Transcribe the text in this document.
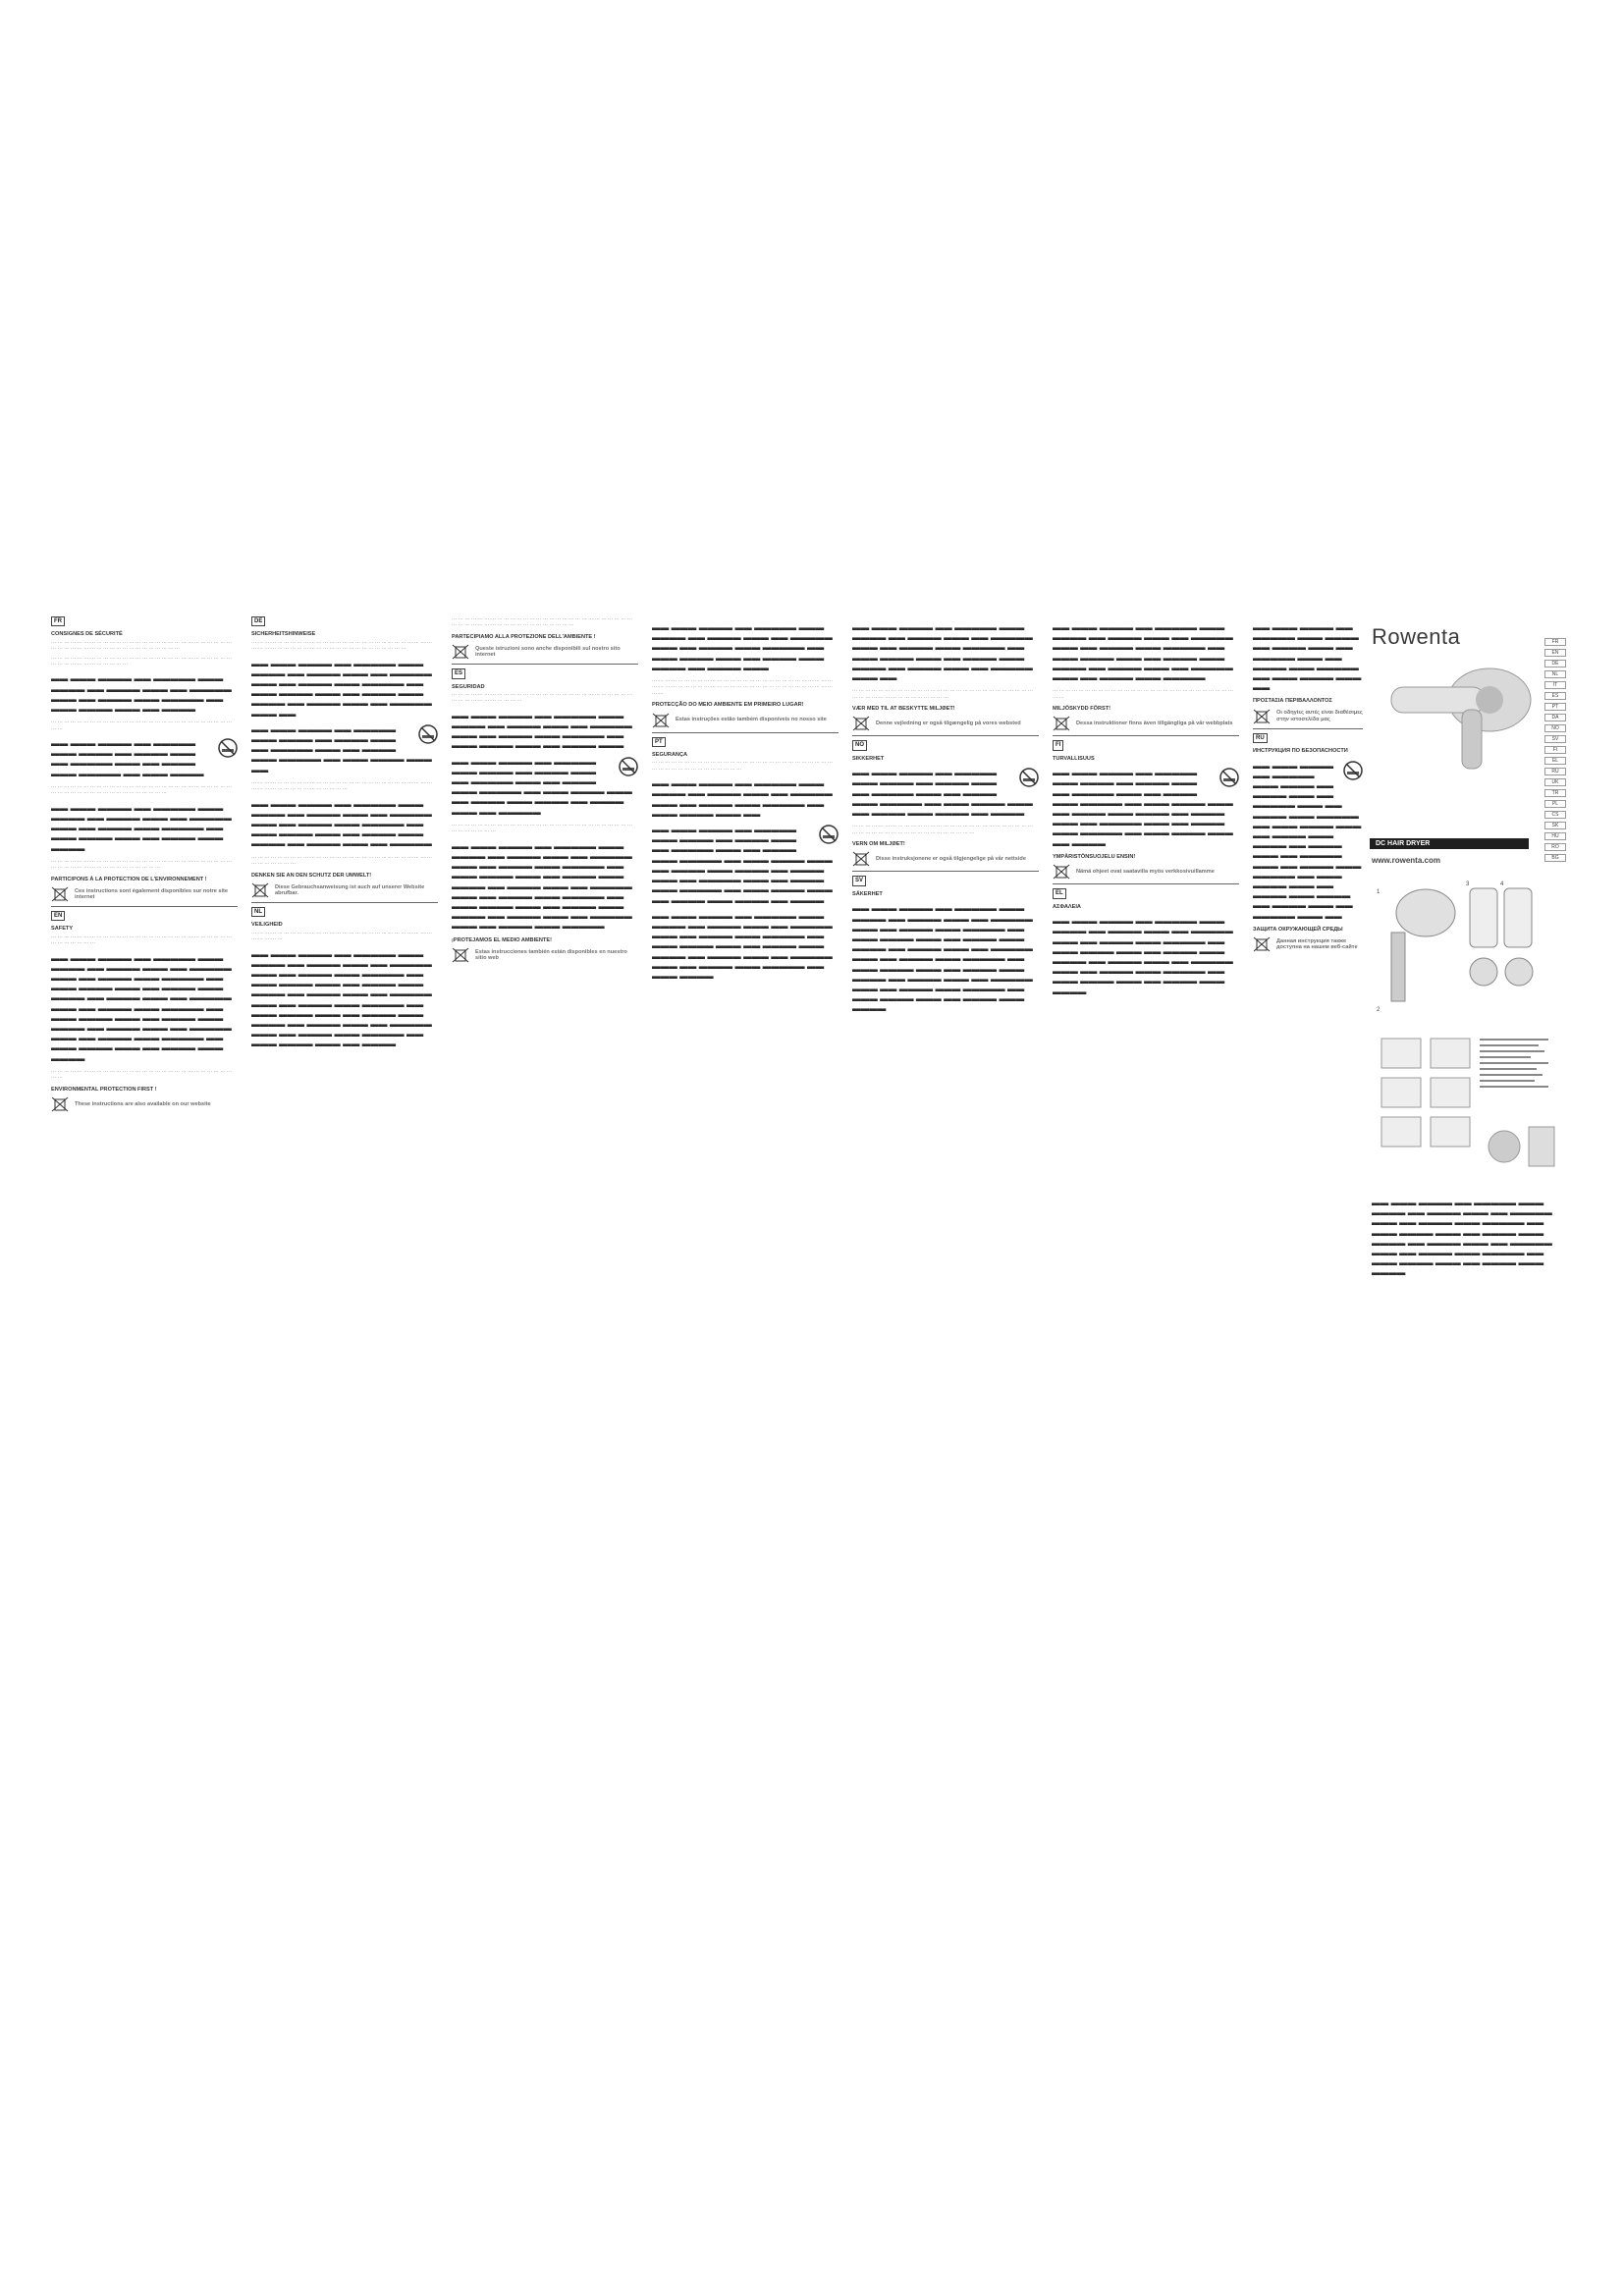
FR
CONSIGNES DE SÉCURITÉ

··· ··· ··· ··· ··· ··· ··· ··· ··· ··· ··· ··· ··· ··· ··· ··· ··· ··· ··· ··· ··· ··· ··· ··· ··· ··· ··· ··· ··· ··· ··· ··· ··· ··· ··· ··· ··· ··· ··· ··· ··· ··· ··· ··· ··· ··· ··· ···

··· ··· ··· ··· ··· ··· ··· ··· ··· ··· ··· ··· ··· ··· ··· ··· ··· ··· ··· ··· ··· ··· ··· ··· ··· ··· ··· ··· ··· ··· ··· ··· ··· ··· ··· ··· ··· ··· ··· ···

▬▬ ▬▬▬ ▬▬▬▬ ▬▬ ▬▬▬▬▬ ▬▬▬ ▬▬▬▬ ▬▬ ▬▬▬▬ ▬▬▬ ▬▬ ▬▬▬▬▬ ▬▬▬ ▬▬ ▬▬▬▬ ▬▬▬ ▬▬▬▬▬ ▬▬ ▬▬▬ ▬▬▬▬ ▬▬▬ ▬▬ ▬▬▬▬

··· ··· ··· ··· ··· ··· ··· ··· ··· ··· ··· ··· ··· ··· ··· ··· ··· ··· ··· ··· ··· ··· ··· ··· ··· ··· ··· ··· ··· ···

▬▬ ▬▬▬ ▬▬▬▬ ▬▬ ▬▬▬▬▬ ▬▬▬ ▬▬▬▬ ▬▬ ▬▬▬▬ ▬▬▬ ▬▬ ▬▬▬▬▬ ▬▬▬ ▬▬ ▬▬▬▬ ▬▬▬ ▬▬▬▬▬ ▬▬ ▬▬▬ ▬▬▬▬

··· ··· ··· ··· ··· ··· ··· ··· ··· ··· ··· ··· ··· ··· ··· ··· ··· ··· ··· ··· ··· ··· ··· ··· ··· ··· ··· ··· ··· ··· ··· ··· ··· ··· ··· ··· ··· ··· ··· ··· ··· ··· ··· ··· ··· ···

▬▬ ▬▬▬ ▬▬▬▬ ▬▬ ▬▬▬▬▬ ▬▬▬ ▬▬▬▬ ▬▬ ▬▬▬▬ ▬▬▬ ▬▬ ▬▬▬▬▬ ▬▬▬ ▬▬ ▬▬▬▬ ▬▬▬ ▬▬▬▬▬ ▬▬ ▬▬▬ ▬▬▬▬ ▬▬▬ ▬▬ ▬▬▬▬ ▬▬▬ ▬▬▬▬

··· ··· ··· ··· ··· ··· ··· ··· ··· ··· ··· ··· ··· ··· ··· ··· ··· ··· ··· ··· ··· ··· ··· ··· ··· ··· ··· ··· ··· ··· ··· ··· ··· ··· ··· ··· ··· ··· ··· ··· ··· ··· ··· ··· ···

PARTICIPONS À LA PROTECTION DE L'ENVIRONNEMENT !
Ces instructions sont également disponibles sur notre site internet
EN
SAFETY

··· ··· ··· ··· ··· ··· ··· ··· ··· ··· ··· ··· ··· ··· ··· ··· ··· ··· ··· ··· ··· ··· ··· ··· ··· ··· ··· ··· ··· ··· ··· ··· ··· ··· ···

▬▬ ▬▬▬ ▬▬▬▬ ▬▬ ▬▬▬▬▬ ▬▬▬ ▬▬▬▬ ▬▬ ▬▬▬▬ ▬▬▬ ▬▬ ▬▬▬▬▬ ▬▬▬ ▬▬ ▬▬▬▬ ▬▬▬ ▬▬▬▬▬ ▬▬ ▬▬▬ ▬▬▬▬ ▬▬▬ ▬▬ ▬▬▬▬ ▬▬▬ ▬▬▬▬ ▬▬ ▬▬▬▬ ▬▬▬ ▬▬ ▬▬▬▬▬ ▬▬▬ ▬▬ ▬▬▬▬ ▬▬▬ ▬▬▬▬▬ ▬▬ ▬▬▬ ▬▬▬▬ ▬▬▬ ▬▬ ▬▬▬▬ ▬▬▬ ▬▬▬▬ ▬▬ ▬▬▬▬ ▬▬▬ ▬▬ ▬▬▬▬▬ ▬▬▬ ▬▬ ▬▬▬▬ ▬▬▬ ▬▬▬▬▬ ▬▬ ▬▬▬ ▬▬▬▬ ▬▬▬ ▬▬ ▬▬▬▬ ▬▬▬ ▬▬▬▬

··· ··· ··· ··· ··· ··· ··· ··· ··· ··· ··· ··· ··· ··· ··· ··· ··· ··· ··· ··· ··· ··· ··· ··· ··· ··· ··· ··· ··· ···

ENVIRONMENTAL PROTECTION FIRST !
These instructions are also available on our website
DE
SICHERHEITSHINWEISE

··· ··· ··· ··· ··· ··· ··· ··· ··· ··· ··· ··· ··· ··· ··· ··· ··· ··· ··· ··· ··· ··· ··· ··· ··· ··· ··· ··· ··· ··· ··· ··· ··· ··· ··· ··· ··· ··· ··· ··· ··· ··· ··· ··· ··· ··· ··· ··· ··· ··· ··· ···

▬▬ ▬▬▬ ▬▬▬▬ ▬▬ ▬▬▬▬▬ ▬▬▬ ▬▬▬▬ ▬▬ ▬▬▬▬ ▬▬▬ ▬▬ ▬▬▬▬▬ ▬▬▬ ▬▬ ▬▬▬▬ ▬▬▬ ▬▬▬▬▬ ▬▬ ▬▬▬ ▬▬▬▬ ▬▬▬ ▬▬ ▬▬▬▬ ▬▬▬ ▬▬▬▬ ▬▬ ▬▬▬▬ ▬▬▬ ▬▬ ▬▬▬▬▬ ▬▬▬ ▬▬
▬▬ ▬▬▬ ▬▬▬▬ ▬▬ ▬▬▬▬▬ ▬▬▬ ▬▬▬▬ ▬▬ ▬▬▬▬ ▬▬▬ ▬▬ ▬▬▬▬▬ ▬▬▬ ▬▬ ▬▬▬▬ ▬▬▬ ▬▬▬▬▬ ▬▬ ▬▬▬ ▬▬▬▬ ▬▬▬ ▬▬

··· ··· ··· ··· ··· ··· ··· ··· ··· ··· ··· ··· ··· ··· ··· ··· ··· ··· ··· ··· ··· ··· ··· ··· ··· ··· ··· ··· ··· ··· ··· ··· ··· ··· ··· ··· ··· ··· ··· ··· ··· ··· ···

▬▬ ▬▬▬ ▬▬▬▬ ▬▬ ▬▬▬▬▬ ▬▬▬ ▬▬▬▬ ▬▬ ▬▬▬▬ ▬▬▬ ▬▬ ▬▬▬▬▬ ▬▬▬ ▬▬ ▬▬▬▬ ▬▬▬ ▬▬▬▬▬ ▬▬ ▬▬▬ ▬▬▬▬ ▬▬▬ ▬▬ ▬▬▬▬ ▬▬▬ ▬▬▬▬ ▬▬ ▬▬▬▬ ▬▬▬ ▬▬ ▬▬▬▬▬

··· ··· ··· ··· ··· ··· ··· ··· ··· ··· ··· ··· ··· ··· ··· ··· ··· ··· ··· ··· ··· ··· ··· ··· ··· ··· ··· ··· ··· ··· ··· ··· ··· ··· ···

DENKEN SIE AN DEN SCHUTZ DER UMWELT!
Diese Gebrauchsanweisung ist auch auf unserer Website abrufbar.
NL
VEILIGHEID

··· ··· ··· ··· ··· ··· ··· ··· ··· ··· ··· ··· ··· ··· ··· ··· ··· ··· ··· ··· ··· ··· ··· ··· ··· ··· ··· ··· ··· ··· ··· ··· ···

▬▬ ▬▬▬ ▬▬▬▬ ▬▬ ▬▬▬▬▬ ▬▬▬ ▬▬▬▬ ▬▬ ▬▬▬▬ ▬▬▬ ▬▬ ▬▬▬▬▬ ▬▬▬ ▬▬ ▬▬▬▬ ▬▬▬ ▬▬▬▬▬ ▬▬ ▬▬▬ ▬▬▬▬ ▬▬▬ ▬▬ ▬▬▬▬ ▬▬▬ ▬▬▬▬ ▬▬ ▬▬▬▬ ▬▬▬ ▬▬ ▬▬▬▬▬ ▬▬▬ ▬▬ ▬▬▬▬ ▬▬▬ ▬▬▬▬▬ ▬▬ ▬▬▬ ▬▬▬▬ ▬▬▬ ▬▬ ▬▬▬▬ ▬▬▬ ▬▬▬▬ ▬▬ ▬▬▬▬ ▬▬▬ ▬▬ ▬▬▬▬▬ ▬▬▬ ▬▬ ▬▬▬▬ ▬▬▬ ▬▬▬▬▬ ▬▬ ▬▬▬ ▬▬▬▬ ▬▬▬ ▬▬ ▬▬▬▬

··· ··· ··· ··· ··· ··· ··· ··· ··· ··· ··· ··· ··· ··· ··· ··· ··· ··· ··· ··· ··· ··· ··· ··· ··· ··· ··· ··· ··· ··· ··· ··· ··· ··· ··· ··· ··· ··· ··· ··· ··· ··· ··· ··· ··· ··· ···

PARTECIPIAMO ALLA PROTEZIONE DELL'AMBIENTE !
Queste istruzioni sono anche disponibili sul nostro sito internet
ES
SEGURIDAD

··· ··· ··· ··· ··· ··· ··· ··· ··· ··· ··· ··· ··· ··· ··· ··· ··· ··· ··· ··· ··· ··· ··· ··· ··· ··· ··· ··· ··· ··· ··· ··· ··· ··· ··· ··· ··· ··· ···

▬▬ ▬▬▬ ▬▬▬▬ ▬▬ ▬▬▬▬▬ ▬▬▬ ▬▬▬▬ ▬▬ ▬▬▬▬ ▬▬▬ ▬▬ ▬▬▬▬▬ ▬▬▬ ▬▬ ▬▬▬▬ ▬▬▬ ▬▬▬▬▬ ▬▬ ▬▬▬ ▬▬▬▬ ▬▬▬ ▬▬ ▬▬▬▬ ▬▬▬
▬▬ ▬▬▬ ▬▬▬▬ ▬▬ ▬▬▬▬▬ ▬▬▬ ▬▬▬▬ ▬▬ ▬▬▬▬ ▬▬▬ ▬▬ ▬▬▬▬▬ ▬▬▬ ▬▬ ▬▬▬▬ ▬▬▬ ▬▬▬▬▬ ▬▬ ▬▬▬ ▬▬▬▬ ▬▬▬ ▬▬ ▬▬▬▬ ▬▬▬ ▬▬▬▬ ▬▬ ▬▬▬▬ ▬▬▬ ▬▬ ▬▬▬▬▬

··· ··· ··· ··· ··· ··· ··· ··· ··· ··· ··· ··· ··· ··· ··· ··· ··· ··· ··· ··· ··· ··· ··· ··· ··· ··· ··· ··· ··· ··· ··· ··· ··· ··· ···

▬▬ ▬▬▬ ▬▬▬▬ ▬▬ ▬▬▬▬▬ ▬▬▬ ▬▬▬▬ ▬▬ ▬▬▬▬ ▬▬▬ ▬▬ ▬▬▬▬▬ ▬▬▬ ▬▬ ▬▬▬▬ ▬▬▬ ▬▬▬▬▬ ▬▬ ▬▬▬ ▬▬▬▬ ▬▬▬ ▬▬ ▬▬▬▬ ▬▬▬ ▬▬▬▬ ▬▬ ▬▬▬▬ ▬▬▬ ▬▬ ▬▬▬▬▬ ▬▬▬ ▬▬ ▬▬▬▬ ▬▬▬ ▬▬▬▬▬ ▬▬ ▬▬▬ ▬▬▬▬ ▬▬▬ ▬▬ ▬▬▬▬ ▬▬▬ ▬▬▬▬ ▬▬ ▬▬▬▬ ▬▬▬ ▬▬ ▬▬▬▬▬ ▬▬▬ ▬▬ ▬▬▬▬ ▬▬▬ ▬▬▬▬▬
¡PROTEJAMOS EL MEDIO AMBIENTE!
Estas instrucciones también están disponibles en nuestro sitio web
▬▬ ▬▬▬ ▬▬▬▬ ▬▬ ▬▬▬▬▬ ▬▬▬ ▬▬▬▬ ▬▬ ▬▬▬▬ ▬▬▬ ▬▬ ▬▬▬▬▬ ▬▬▬ ▬▬ ▬▬▬▬ ▬▬▬ ▬▬▬▬▬ ▬▬ ▬▬▬ ▬▬▬▬ ▬▬▬ ▬▬ ▬▬▬▬ ▬▬▬ ▬▬▬▬ ▬▬ ▬▬▬▬ ▬▬▬

··· ··· ··· ··· ··· ··· ··· ··· ··· ··· ··· ··· ··· ··· ··· ··· ··· ··· ··· ··· ··· ··· ··· ··· ··· ··· ··· ··· ··· ··· ··· ··· ··· ··· ··· ··· ··· ··· ··· ··· ··· ··· ··· ··· ··· ··· ··· ··· ··· ··· ··· ··· ··· ··· ··· ··· ··· ···

PROTECÇÃO DO MEIO AMBIENTE EM PRIMEIRO LUGAR!
Estas instruções estão também disponíveis no nosso site
PT
SEGURANÇA

··· ··· ··· ··· ··· ··· ··· ··· ··· ··· ··· ··· ··· ··· ··· ··· ··· ··· ··· ··· ··· ··· ··· ··· ··· ··· ··· ··· ··· ··· ··· ··· ··· ··· ··· ··· ··· ··· ··· ··· ··· ···

▬▬ ▬▬▬ ▬▬▬▬ ▬▬ ▬▬▬▬▬ ▬▬▬ ▬▬▬▬ ▬▬ ▬▬▬▬ ▬▬▬ ▬▬ ▬▬▬▬▬ ▬▬▬ ▬▬ ▬▬▬▬ ▬▬▬ ▬▬▬▬▬ ▬▬ ▬▬▬ ▬▬▬▬ ▬▬▬ ▬▬
▬▬ ▬▬▬ ▬▬▬▬ ▬▬ ▬▬▬▬▬ ▬▬▬ ▬▬▬▬ ▬▬ ▬▬▬▬ ▬▬▬ ▬▬ ▬▬▬▬▬ ▬▬▬ ▬▬ ▬▬▬▬ ▬▬▬ ▬▬▬▬▬ ▬▬ ▬▬▬ ▬▬▬▬ ▬▬▬ ▬▬ ▬▬▬▬ ▬▬▬ ▬▬▬▬ ▬▬ ▬▬▬▬ ▬▬▬ ▬▬ ▬▬▬▬▬ ▬▬▬ ▬▬ ▬▬▬▬ ▬▬▬ ▬▬▬▬▬ ▬▬ ▬▬▬ ▬▬▬▬ ▬▬▬ ▬▬ ▬▬▬▬ ▬▬▬ ▬▬▬▬ ▬▬ ▬▬▬▬
▬▬ ▬▬▬ ▬▬▬▬ ▬▬ ▬▬▬▬▬ ▬▬▬ ▬▬▬▬ ▬▬ ▬▬▬▬ ▬▬▬ ▬▬ ▬▬▬▬▬ ▬▬▬ ▬▬ ▬▬▬▬ ▬▬▬ ▬▬▬▬▬ ▬▬ ▬▬▬ ▬▬▬▬ ▬▬▬ ▬▬ ▬▬▬▬ ▬▬▬ ▬▬▬▬ ▬▬ ▬▬▬▬ ▬▬▬ ▬▬ ▬▬▬▬▬ ▬▬▬ ▬▬ ▬▬▬▬ ▬▬▬ ▬▬▬▬▬ ▬▬ ▬▬▬ ▬▬▬▬
▬▬ ▬▬▬ ▬▬▬▬ ▬▬ ▬▬▬▬▬ ▬▬▬ ▬▬▬▬ ▬▬ ▬▬▬▬ ▬▬▬ ▬▬ ▬▬▬▬▬ ▬▬▬ ▬▬ ▬▬▬▬ ▬▬▬ ▬▬▬▬▬ ▬▬ ▬▬▬ ▬▬▬▬ ▬▬▬ ▬▬ ▬▬▬▬ ▬▬▬ ▬▬▬▬ ▬▬ ▬▬▬▬ ▬▬▬ ▬▬ ▬▬▬▬▬ ▬▬▬ ▬▬

··· ··· ··· ··· ··· ··· ··· ··· ··· ··· ··· ··· ··· ··· ··· ··· ··· ··· ··· ··· ··· ··· ··· ··· ··· ··· ··· ··· ··· ··· ··· ··· ··· ··· ··· ··· ··· ··· ··· ··· ··· ··· ···

VÆR MED TIL AT BESKYTTE MILJØET!
Denne vejledning er også tilgængelig på vores websted
NO
SIKKERHET
▬▬ ▬▬▬ ▬▬▬▬ ▬▬ ▬▬▬▬▬ ▬▬▬ ▬▬▬▬ ▬▬ ▬▬▬▬ ▬▬▬ ▬▬ ▬▬▬▬▬ ▬▬▬ ▬▬ ▬▬▬▬ ▬▬▬ ▬▬▬▬▬ ▬▬ ▬▬▬ ▬▬▬▬ ▬▬▬ ▬▬ ▬▬▬▬ ▬▬▬ ▬▬▬▬ ▬▬ ▬▬▬▬

··· ··· ··· ··· ··· ··· ··· ··· ··· ··· ··· ··· ··· ··· ··· ··· ··· ··· ··· ··· ··· ··· ··· ··· ··· ··· ··· ··· ··· ··· ··· ··· ··· ··· ··· ··· ··· ··· ··· ··· ··· ··· ··· ··· ··· ··· ···

VERN OM MILJØET!
Disse instruksjonene er også tilgjengelige på vår nettside
SV
SÄKERHET
▬▬ ▬▬▬ ▬▬▬▬ ▬▬ ▬▬▬▬▬ ▬▬▬ ▬▬▬▬ ▬▬ ▬▬▬▬ ▬▬▬ ▬▬ ▬▬▬▬▬ ▬▬▬ ▬▬ ▬▬▬▬ ▬▬▬ ▬▬▬▬▬ ▬▬ ▬▬▬ ▬▬▬▬ ▬▬▬ ▬▬ ▬▬▬▬ ▬▬▬ ▬▬▬▬ ▬▬ ▬▬▬▬ ▬▬▬ ▬▬ ▬▬▬▬▬ ▬▬▬ ▬▬ ▬▬▬▬ ▬▬▬ ▬▬▬▬▬ ▬▬ ▬▬▬ ▬▬▬▬ ▬▬▬ ▬▬ ▬▬▬▬ ▬▬▬ ▬▬▬▬ ▬▬ ▬▬▬▬ ▬▬▬ ▬▬ ▬▬▬▬▬ ▬▬▬ ▬▬ ▬▬▬▬ ▬▬▬ ▬▬▬▬▬ ▬▬ ▬▬▬ ▬▬▬▬ ▬▬▬ ▬▬ ▬▬▬▬ ▬▬▬ ▬▬▬▬
▬▬ ▬▬▬ ▬▬▬▬ ▬▬ ▬▬▬▬▬ ▬▬▬ ▬▬▬▬ ▬▬ ▬▬▬▬ ▬▬▬ ▬▬ ▬▬▬▬▬ ▬▬▬ ▬▬ ▬▬▬▬ ▬▬▬ ▬▬▬▬▬ ▬▬ ▬▬▬ ▬▬▬▬ ▬▬▬ ▬▬ ▬▬▬▬ ▬▬▬ ▬▬▬▬ ▬▬ ▬▬▬▬ ▬▬▬ ▬▬ ▬▬▬▬▬ ▬▬▬ ▬▬ ▬▬▬▬ ▬▬▬ ▬▬▬▬▬

··· ··· ··· ··· ··· ··· ··· ··· ··· ··· ··· ··· ··· ··· ··· ··· ··· ··· ··· ··· ··· ··· ··· ··· ··· ··· ··· ··· ··· ···

MILJÖSKYDD FÖRST!
Dessa instruktioner finns även tillgängliga på vår webbplats
FI
TURVALLISUUS
▬▬ ▬▬▬ ▬▬▬▬ ▬▬ ▬▬▬▬▬ ▬▬▬ ▬▬▬▬ ▬▬ ▬▬▬▬ ▬▬▬ ▬▬ ▬▬▬▬▬ ▬▬▬ ▬▬ ▬▬▬▬ ▬▬▬ ▬▬▬▬▬ ▬▬ ▬▬▬ ▬▬▬▬ ▬▬▬ ▬▬ ▬▬▬▬ ▬▬▬ ▬▬▬▬ ▬▬ ▬▬▬▬ ▬▬▬ ▬▬ ▬▬▬▬▬ ▬▬▬ ▬▬ ▬▬▬▬ ▬▬▬ ▬▬▬▬▬ ▬▬ ▬▬▬ ▬▬▬▬ ▬▬▬ ▬▬ ▬▬▬▬
YMPÄRISTÖNSUOJELU ENSIN!
Nämä ohjeet ovat saatavilla myös verkkosivuillamme
EL
ΑΣΦΑΛΕΙΑ
▬▬ ▬▬▬ ▬▬▬▬ ▬▬ ▬▬▬▬▬ ▬▬▬ ▬▬▬▬ ▬▬ ▬▬▬▬ ▬▬▬ ▬▬ ▬▬▬▬▬ ▬▬▬ ▬▬ ▬▬▬▬ ▬▬▬ ▬▬▬▬▬ ▬▬ ▬▬▬ ▬▬▬▬ ▬▬▬ ▬▬ ▬▬▬▬ ▬▬▬ ▬▬▬▬ ▬▬ ▬▬▬▬ ▬▬▬ ▬▬ ▬▬▬▬▬ ▬▬▬ ▬▬ ▬▬▬▬ ▬▬▬ ▬▬▬▬▬ ▬▬ ▬▬▬ ▬▬▬▬ ▬▬▬ ▬▬ ▬▬▬▬ ▬▬▬ ▬▬▬▬
▬▬ ▬▬▬ ▬▬▬▬ ▬▬ ▬▬▬▬▬ ▬▬▬ ▬▬▬▬ ▬▬ ▬▬▬▬ ▬▬▬ ▬▬ ▬▬▬▬▬ ▬▬▬ ▬▬ ▬▬▬▬ ▬▬▬ ▬▬▬▬▬ ▬▬ ▬▬▬ ▬▬▬▬ ▬▬▬ ▬▬
ΠΡΟΣΤΑΣΙΑ ΠΕΡΙΒΑΛΛΟΝΤΟΣ
Οι οδηγίες αυτές είναι διαθέσιμες στην ιστοσελίδα μας
RU
ИНСТРУКЦИЯ ПО БЕЗОПАСНОСТИ
▬▬ ▬▬▬ ▬▬▬▬ ▬▬ ▬▬▬▬▬ ▬▬▬ ▬▬▬▬ ▬▬ ▬▬▬▬ ▬▬▬ ▬▬ ▬▬▬▬▬ ▬▬▬ ▬▬ ▬▬▬▬ ▬▬▬ ▬▬▬▬▬ ▬▬ ▬▬▬ ▬▬▬▬ ▬▬▬ ▬▬ ▬▬▬▬ ▬▬▬ ▬▬▬▬ ▬▬ ▬▬▬▬ ▬▬▬ ▬▬ ▬▬▬▬▬ ▬▬▬ ▬▬ ▬▬▬▬ ▬▬▬ ▬▬▬▬▬ ▬▬ ▬▬▬ ▬▬▬▬ ▬▬▬ ▬▬ ▬▬▬▬ ▬▬▬ ▬▬▬▬ ▬▬ ▬▬▬▬ ▬▬▬ ▬▬ ▬▬▬▬▬ ▬▬▬ ▬▬
ЗАЩИТА ОКРУЖАЮЩЕЙ СРЕДЫ
Данная инструкция также доступна на нашем веб-сайте
Rowenta	FR
EN
DE
NL
IT
ES
PT
DA
NO
SV
FI
EL
RU
UK
TR
PL
CS
SK
HU
RO
BG
DC HAIR DRYER
www.rowenta.com
1
2
3	4
▬▬ ▬▬▬ ▬▬▬▬ ▬▬ ▬▬▬▬▬ ▬▬▬ ▬▬▬▬ ▬▬ ▬▬▬▬ ▬▬▬ ▬▬ ▬▬▬▬▬ ▬▬▬ ▬▬ ▬▬▬▬ ▬▬▬ ▬▬▬▬▬ ▬▬ ▬▬▬ ▬▬▬▬ ▬▬▬ ▬▬ ▬▬▬▬ ▬▬▬ ▬▬▬▬ ▬▬ ▬▬▬▬ ▬▬▬ ▬▬ ▬▬▬▬▬ ▬▬▬ ▬▬ ▬▬▬▬ ▬▬▬ ▬▬▬▬▬ ▬▬ ▬▬▬ ▬▬▬▬ ▬▬▬ ▬▬ ▬▬▬▬ ▬▬▬ ▬▬▬▬
